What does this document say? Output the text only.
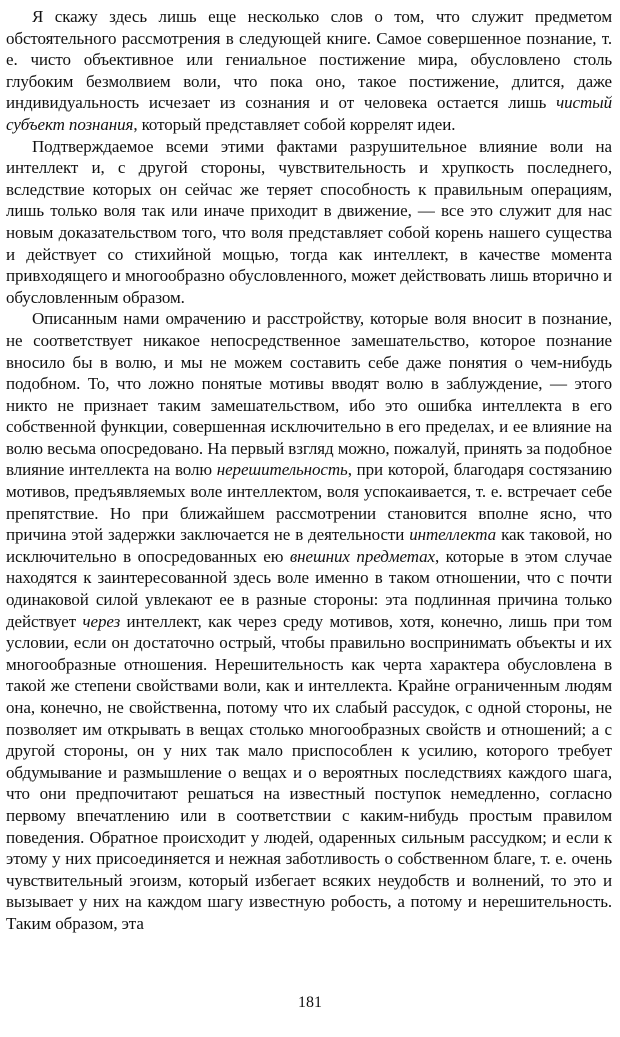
Я скажу здесь лишь еще несколько слов о том, что служит предметом обстоятельного рассмотрения в следующей книге. Самое совершенное познание, т. е. чисто объективное или гениальное постижение мира, обусловлено столь глубоким безмолвием воли, что пока оно, такое постижение, длится, даже индивидуальность исчезает из сознания и от человека остается лишь чистый субъект познания, который представляет собой коррелят идеи.

Подтверждаемое всеми этими фактами разрушительное влияние воли на интеллект и, с другой стороны, чувствительность и хрупкость последнего, вследствие которых он сейчас же теряет способность к правильным операциям, лишь только воля так или иначе приходит в движение, — все это служит для нас новым доказательством того, что воля представляет собой корень нашего существа и действует со стихийной мощью, тогда как интеллект, в качестве момента привходящего и многообразно обусловленного, может действовать лишь вторично и обусловленным образом.

Описанным нами омрачению и расстройству, которые воля вносит в познание, не соответствует никакое непосредственное замешательство, которое познание вносило бы в волю, и мы не можем составить себе даже понятия о чем-нибудь подобном. То, что ложно понятые мотивы вводят волю в заблуждение, — этого никто не признает таким замешательством, ибо это ошибка интеллекта в его собственной функции, совершенная исключительно в его пределах, и ее влияние на волю весьма опосредовано. На первый взгляд можно, пожалуй, принять за подобное влияние интеллекта на волю нерешительность, при которой, благодаря состязанию мотивов, предъявляемых воле интеллектом, воля успокаивается, т. е. встречает себе препятствие. Но при ближайшем рассмотрении становится вполне ясно, что причина этой задержки заключается не в деятельности интеллекта как таковой, но исключительно в опосредованных ею внешних предметах, которые в этом случае находятся к заинтересованной здесь воле именно в таком отношении, что с почти одинаковой силой увлекают ее в разные стороны: эта подлинная причина только действует через интеллект, как через среду мотивов, хотя, конечно, лишь при том условии, если он достаточно острый, чтобы правильно воспринимать объекты и их многообразные отношения. Нерешительность как черта характера обусловлена в такой же степени свойствами воли, как и интеллекта. Крайне ограниченным людям она, конечно, не свойственна, потому что их слабый рассудок, с одной стороны, не позволяет им открывать в вещах столько многообразных свойств и отношений; а с другой стороны, он у них так мало приспособлен к усилию, которого требует обдумывание и размышление о вещах и о вероятных последствиях каждого шага, что они предпочитают решаться на известный поступок немедленно, согласно первому впечатлению или в соответствии с каким-нибудь простым правилом поведения. Обратное происходит у людей, одаренных сильным рассудком; и если к этому у них присоединяется и нежная заботливость о собственном благе, т. е. очень чувствительный эгоизм, который избегает всяких неудобств и волнений, то это и вызывает у них на каждом шагу известную робость, а потому и нерешительность. Таким образом, эта

181
